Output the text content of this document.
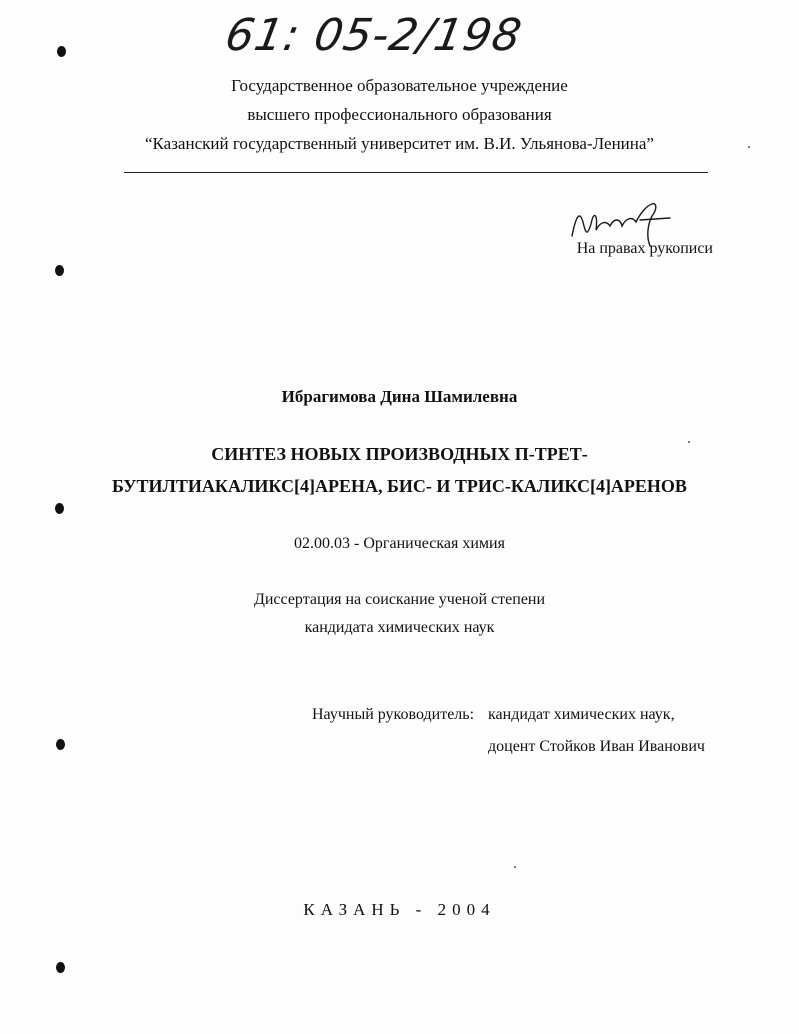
61: 05-2/198
Государственное образовательное учреждение
высшего профессионального образования
“Казанский государственный университет им. В.И. Ульянова-Ленина”
На правах рукописи
Ибрагимова Дина Шамилевна
СИНТЕЗ НОВЫХ ПРОИЗВОДНЫХ П-ТРЕТ-
БУТИЛТИАКАЛИКС[4]АРЕНА, БИС- И ТРИС-КАЛИКС[4]АРЕНОВ
02.00.03 - Органическая химия
Диссертация на соискание ученой степени
кандидата химических наук
Научный руководитель: кандидат химических наук,
доцент Стойков Иван Иванович
КАЗАНЬ - 2004
